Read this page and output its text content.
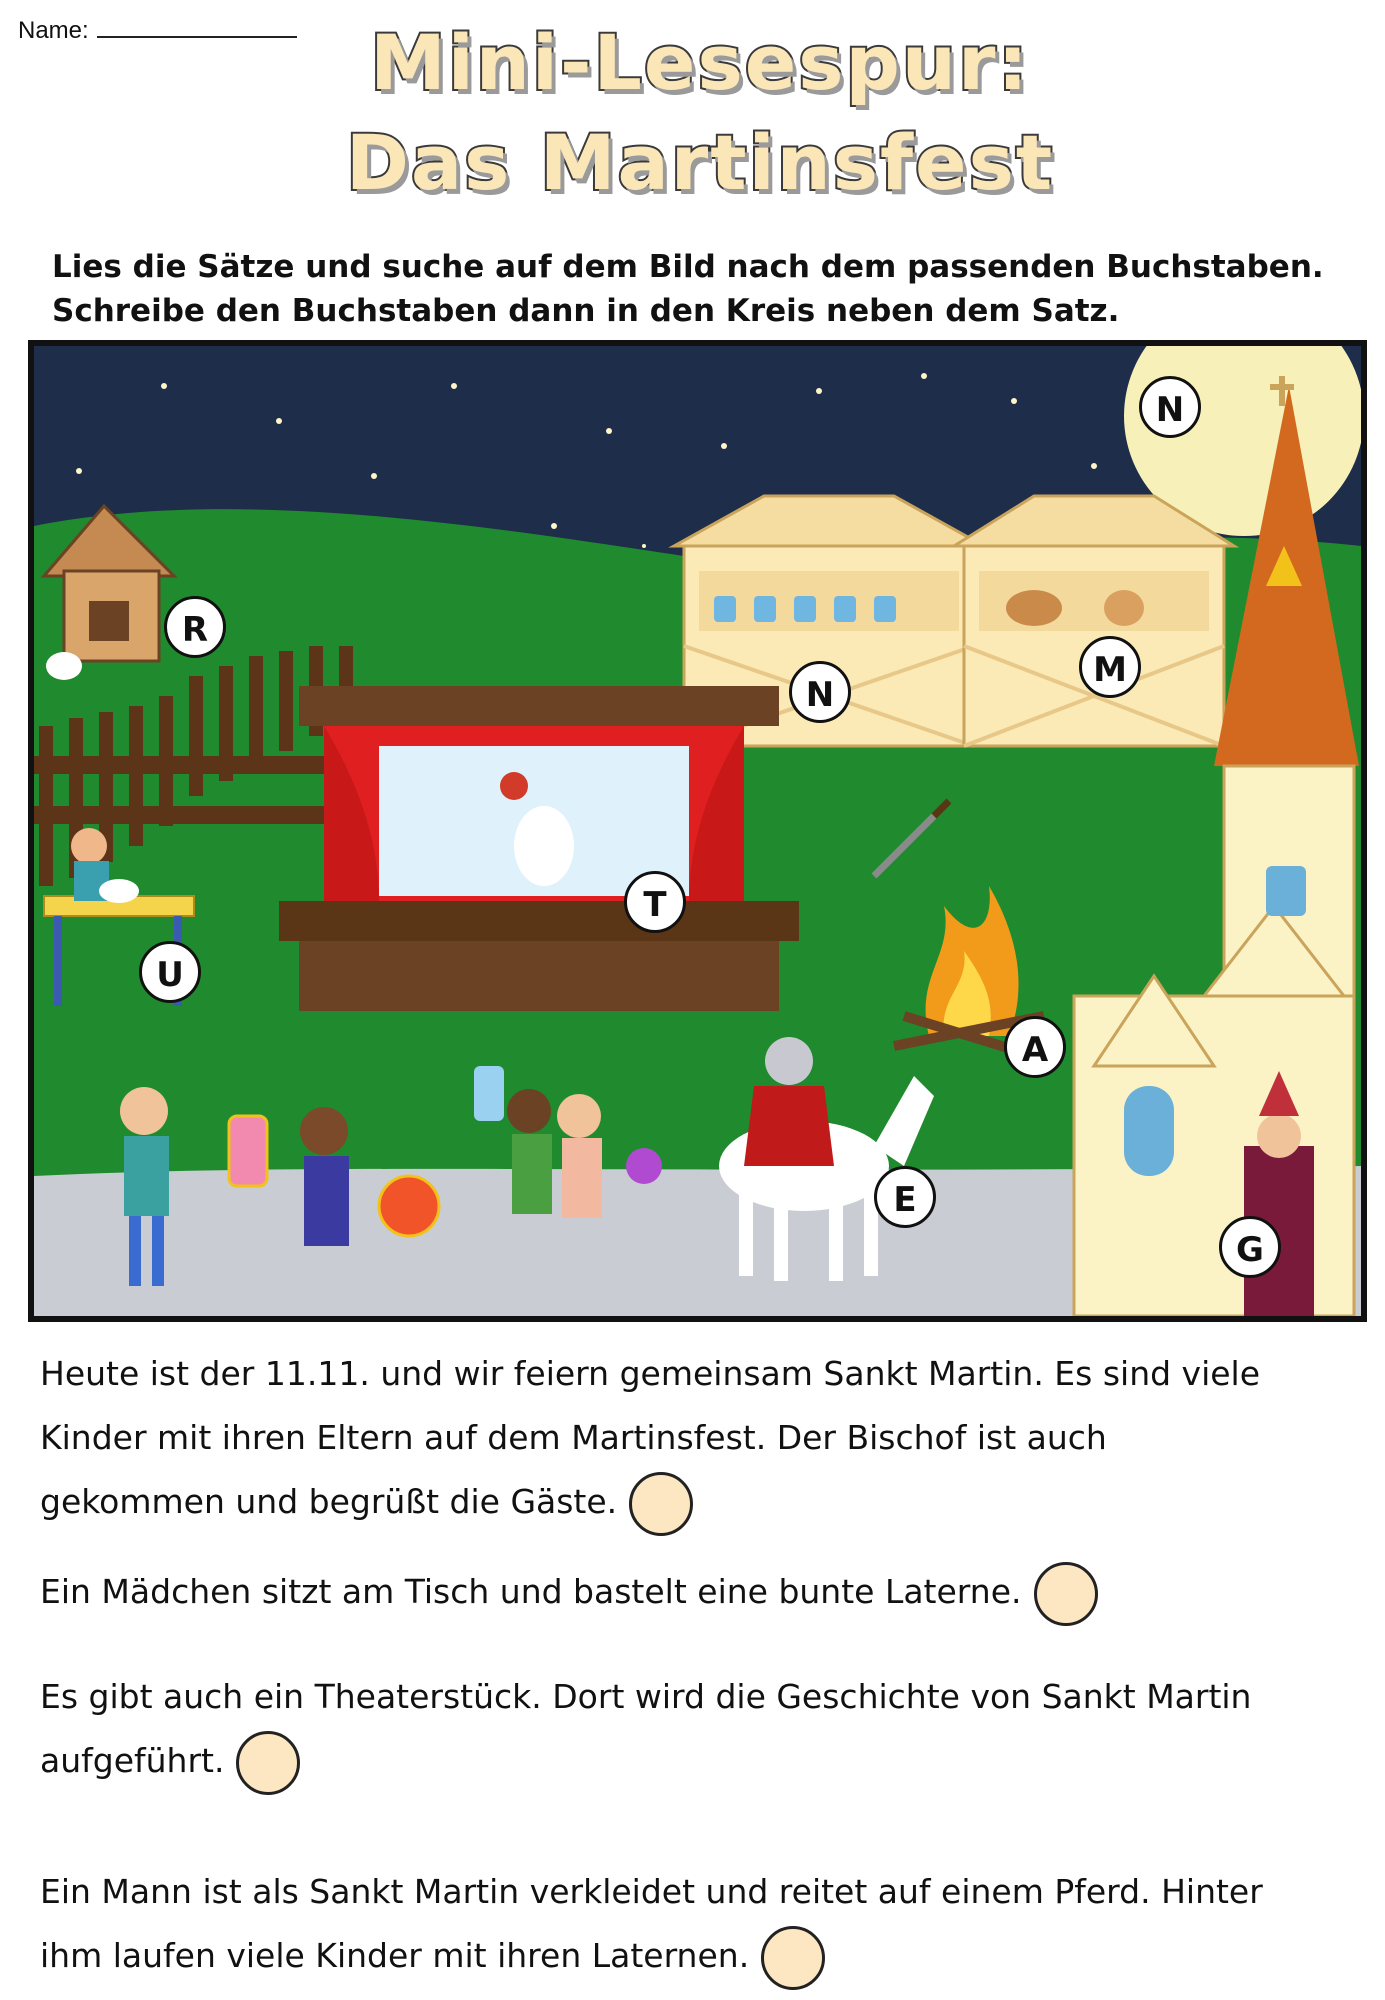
Name:	Mini-Lesespur:
Das Martinsfest
Lies die Sätze und suche auf dem Bild nach dem passenden Buchstaben.
Schreibe den Buchstaben dann in den Kreis neben dem Satz.
N
R
N
M
T
U
A
E
G
Heute ist der 11.11. und wir feiern gemeinsam Sankt Martin. Es sind viele
Kinder mit ihren Eltern auf dem Martinsfest. Der Bischof ist auch
gekommen und begrüßt die Gäste.
Ein Mädchen sitzt am Tisch und bastelt eine bunte Laterne.
Es gibt auch ein Theaterstück. Dort wird die Geschichte von Sankt Martin
aufgeführt.
Ein Mann ist als Sankt Martin verkleidet und reitet auf einem Pferd. Hinter
ihm laufen viele Kinder mit ihren Laternen.
